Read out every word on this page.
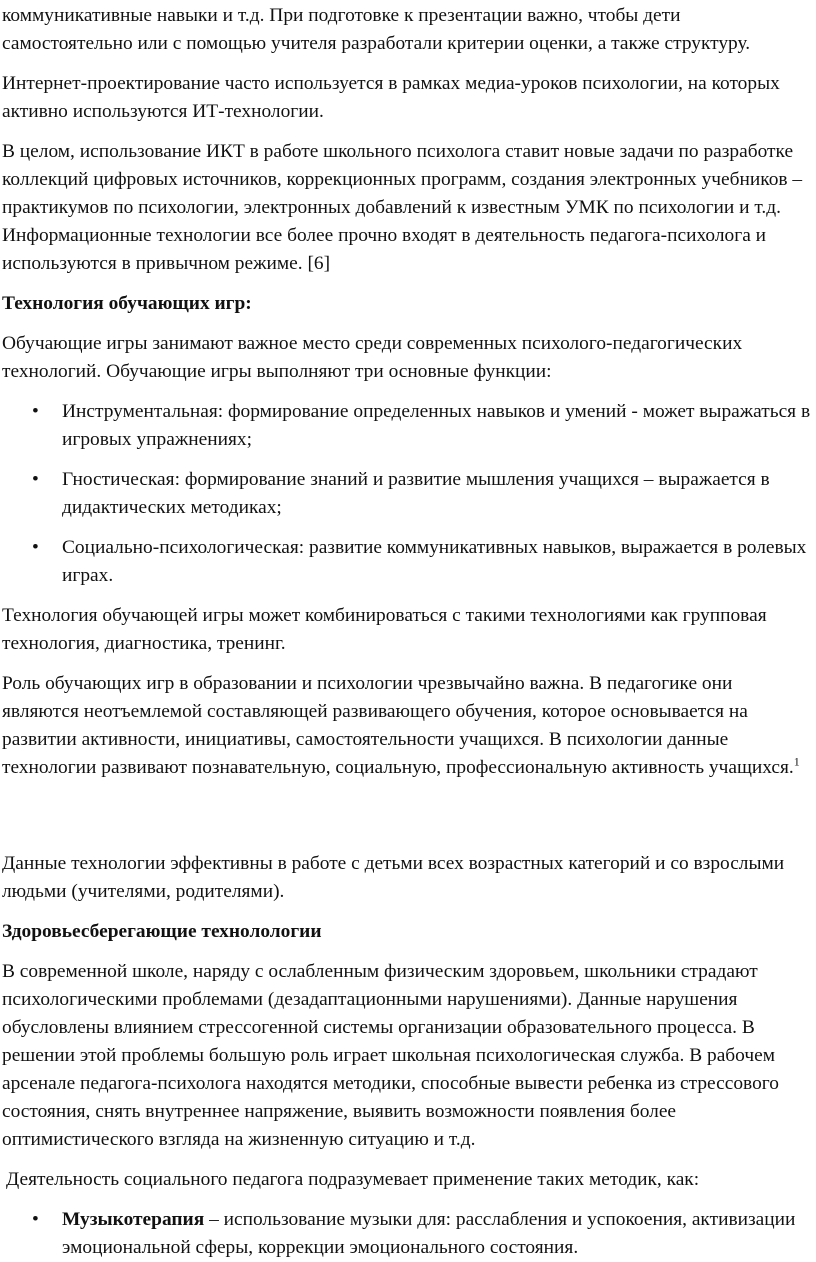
коммуникативные навыки и т.д. При подготовке к презентации важно, чтобы дети самостоятельно или с помощью учителя разработали критерии оценки, а также структуру.

Интернет-проектирование часто используется в рамках медиа-уроков психологии, на которых активно используются ИТ-технологии.

В целом, использование ИКТ в работе школьного психолога ставит новые задачи по разработке коллекций цифровых источников, коррекционных программ, создания электронных учебников – практикумов по психологии, электронных добавлений к известным УМК по психологии и т.д. Информационные технологии все более прочно входят в деятельность педагога-психолога и используются в привычном режиме. [6]

Технология обучающих игр:

Обучающие игры занимают важное место среди современных психолого-педагогических технологий. Обучающие игры выполняют три основные функции:

• Инструментальная: формирование определенных навыков и умений - может выражаться в игровых упражнениях;
• Гностическая: формирование знаний и развитие мышления учащихся – выражается в дидактических методиках;
• Социально-психологическая: развитие коммуникативных навыков, выражается в ролевых играх.

Технология обучающей игры может комбинироваться с такими технологиями как групповая технология, диагностика, тренинг.

Роль обучающих игр в образовании и психологии чрезвычайно важна. В педагогике они являются неотъемлемой составляющей развивающего обучения, которое основывается на развитии активности, инициативы, самостоятельности учащихся. В психологии данные технологии развивают познавательную, социальную, профессиональную активность учащихся.$^1$

Данные технологии эффективны в работе с детьми всех возрастных категорий и со взрослыми людьми (учителями, родителями).

Здоровьесберегающие технолологии

В современной школе, наряду с ослабленным физическим здоровьем, школьники страдают психологическими проблемами (дезадаптационными нарушениями). Данные нарушения обусловлены влиянием стрессогенной системы организации образовательного процесса. В решении этой проблемы большую роль играет школьная психологическая служба. В рабочем арсенале педагога-психолога находятся методики, способные вывести ребенка из стрессового состояния, снять внутреннее напряжение, выявить возможности появления более оптимистического взгляда на жизненную ситуацию и т.д.

Деятельность социального педагога подразумевает применение таких методик, как:

• Музыкотерапия – использование музыки для: расслабления и успокоения, активизации эмоциональной сферы, коррекции эмоционального состояния.
